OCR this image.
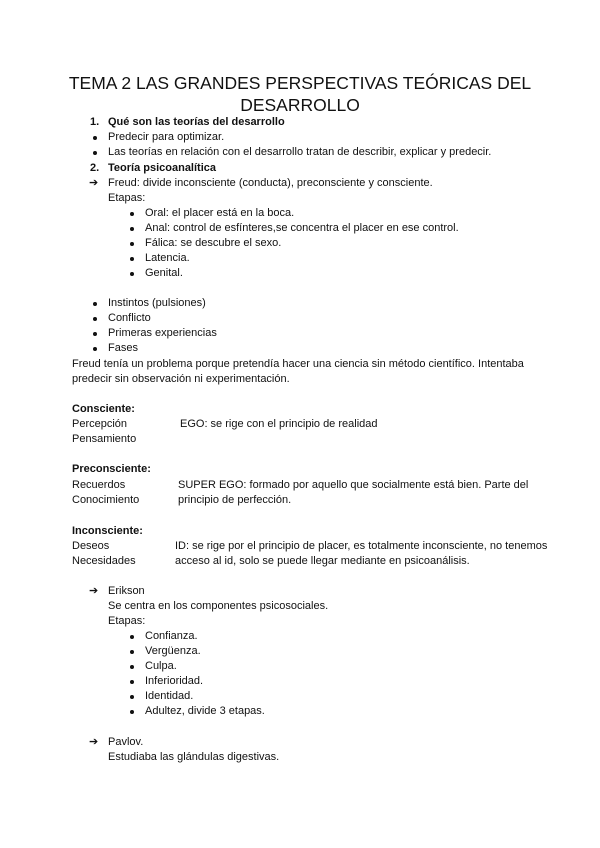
TEMA 2 LAS GRANDES PERSPECTIVAS TEÓRICAS DEL DESARROLLO
1. Qué son las teorías del desarrollo
Predecir para optimizar.
Las teorías en relación con el desarrollo tratan de describir, explicar y predecir.
2. Teoría psicoanalítica
➔ Freud: divide inconsciente (conducta), preconsciente y consciente.
Etapas:
Oral: el placer está en la boca.
Anal: control de esfínteres,se concentra el placer en ese control.
Fálica: se descubre el sexo.
Latencia.
Genital.
Instintos (pulsiones)
Conflicto
Primeras experiencias
Fases
Freud tenía un problema porque pretendía hacer una ciencia sin método científico. Intentaba
predecir sin observación ni experimentación.
Consciente:
Percepción	EGO: se rige con el principio de realidad
Pensamiento
Preconsciente:
Recuerdos	SUPER EGO: formado por aquello que socialmente está bien. Parte del
Conocimiento	principio de perfección.
Inconsciente:
Deseos	ID: se rige por el principio de placer, es totalmente inconsciente, no tenemos
Necesidades	acceso al id, solo se puede llegar mediante en psicoanálisis.
➔ Erikson
Se centra en los componentes psicosociales.
Etapas:
Confianza.
Vergüenza.
Culpa.
Inferioridad.
Identidad.
Adultez, divide 3 etapas.
➔ Pavlov.
Estudiaba las glándulas digestivas.
